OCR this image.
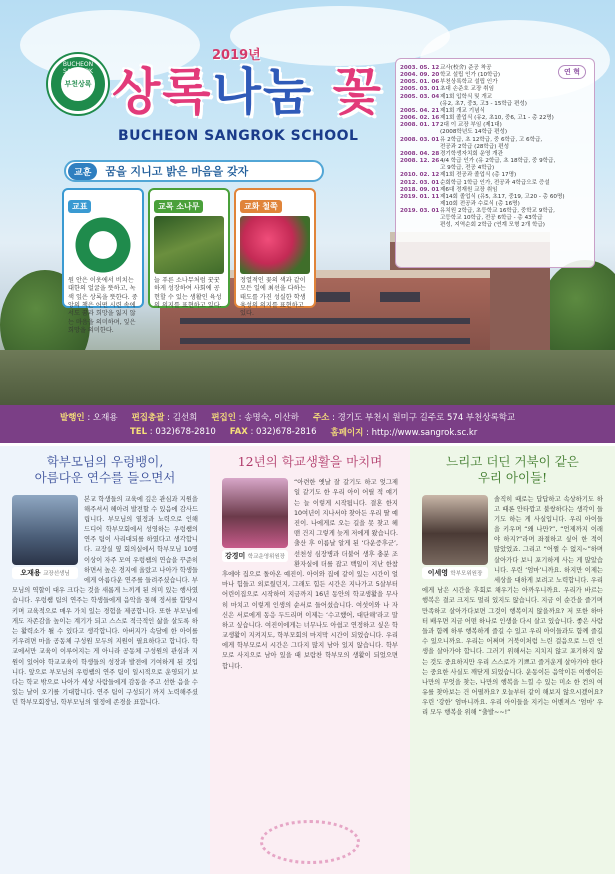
BUCHEON SANGROK SCHOOL
부천상록
2019년
상록나눔 꽃
BUCHEON SANGROK SCHOOL
교훈	꿈을 지니고 밝은 마음을 갖자
교표
원 안은 이웃에서 비치는 대한의 얼굴을 뜻하고, 녹색 잎은 상록을 뜻한다. 중앙의 책은 어떤 시련 속에서도 꿈과 희망을 잃지 않는 마음을 의미하며, 잎은 희망을 의미한다.
교목 소나무
늘 푸른 소나무처럼 꿋꿋하게 성장하여 사회에 공헌할 수 있는 생활인 육성의 의지를 표현하고 있다.
교화 철쭉
정열적인 꽃의 색과 같이 모든 일에 최선을 다하는 태도를 가진 성실한 학생 육성의 의지를 표현하고 있다.
연 혁
2003. 05. 12 교사(校舍) 준공 착공
2004. 09. 20 학교 설립 인가 (10학급)
2005. 01. 06 부천상록학교 설립 인가
2005. 03. 01 초대 손준호 교장 취임
2005. 03. 04 제1회 입학식 및 개교
(유2, 초7, 중3, 고3 - 15학급 편성)
2005. 04. 21 제1회 개교 기념식
2006. 02. 16 제1회 졸업식 (유2, 초10, 중6, 고1 - 총 22명)
2008. 01. 17 2대 이 교장 부임 (제1대)
(2008학년도 14학급 편성)
2008. 03. 01 유 2학급, 초 12학급, 중 6학급, 고 6학급,
전공과 2학급 (28학급) 편성
2008. 04. 28 경기학생자치회 운영 개관
2008. 12. 26 4/4 학급 인가 (유 2학급, 초 18학급, 중 9학급,
고 9학급, 전공 4학급)
2010. 02. 12 제1회 전공과 졸업식 (총 17명)
2012. 03. 01 순회학급 1학급 인가, 전공과 4학급으로 증설
2018. 09. 01 제6대 정재원 교장 취임
2019. 01. 11 제14회 졸업식 (유5, 초17, 중19, 고20 - 총 60명)
제10회 전공과 수료식 (총 16명)
2019. 03. 01 유치원 2학급, 초등학교 16학급, 중학교 9학급,
고등학교 10학급, 전공 6학급 - 총 43학급
편성, 지역순회 2학급 (연계 모형 2개 학급)
발행인 : 오재용 편집총괄 : 김선희 편집인 : 송명숙, 이산하 주소 : 경기도 부천시 원미구 길주로 574 부천상록학교
TEL : 032)678-2810 FAX : 032)678-2816 홈페이지 : http://www.sangrok.sc.kr
학부모님의 우렁뱅이,
아름다운 연수를 들으면서
오재용 교장선생님
본교 학생들의 교육에 깊은 관심과 지원을 해주셔서 헤아려 발전할 수 있음에 감사드립니다. 부모님의 열정과 노력으로 인해 드디어 학부모회에서 성영하는 우렁쌤의 연주 팀이 사리대되를 하였다고 생각합니다. 교장실 옆 회의실에서 학부모님 10명 이상이 자주 모여 우렁쌤의 연습을 꾸준히 하면서 높은 경지에 올랐고 나아가 학생들에게 아름다운 연주를 들려주셨습니다. 부모님의 역할이 대우 크다는 것을 새롭게 느끼게 된 의미 있는 행사였습니다. 우렁쌤 팀의 연주는 학생들에게 음악을 통해 정서를 함양시키며 교육적으로 매우 가치 있는 경험을 제공합니다. 또한 부모님에게도 자존감을 높이는 계기가 되고 스스로 적극적인 삶을 살도록 하는 활력소가 될 수 있다고 생각합니다. 아버지가 속담에 한 아이를 키우려면 마을 공동체 구성원 모두의 지원이 필요하다고 합니다. 학교에서만 교육이 이루어지는 게 아니라 공동체 구성원의 관심과 지원이 있어야 학교교육이 학생들의 성장과 발전에 기여하게 된 것입니다. 앞으로 부모님의 우렁쌤의 연주 팀이 일시적으로 운영되기 보다는 학교 밖으로 나아가 세상 사람들에게 감동을 주고 선한 음을 수 있는 날이 오기를 기대합니다. 연주 팀이 구성되기 까지 노력해주셨던 학부모회장님, 학부모님의 열정에 존경을 표합니다.
12년의 학교생활을 마치며
강경미 학교운영위원장
“아련한 옛날 잘 갈기도 하고 엊그제 일 같기도 한 우리 아이 어릴 적 얘기는 늘 이렇게 시작됩니다. 결혼 한지 10여년이 지나서야 찾아든 우리 딸 예진이. 나에게로 오는 길을 못 찾고 헤맨 건지 그렇게 늦게 저에게 왔습니다. 출산 후 이름날 알게 된 ‘다운증후군’, 선천성 심장병과 더불어 생후 충분 조환자실에 더를 잡고 백일이 지난 한참 후에야 집으로 돌아온 예진이. 아이와 집에 같이 있는 시간이 얼마나 힘들고 외로웠던지, 그래도 힘든 시간은 지나가고 5살부터 어린이집으로 시작하여 지금까지 16년 동안의 학교생활을 무사히 마치고 이렇게 인생의 순서로 들어섰습니다. 여섯이와 나 자신은 서로에게 동응 두드리며 이제는 ‘수고했어, 대단해’라고 말하고 싶습니다. 여진이에게는 너무나도 아쉽고 연정하고 싶은 학교생활이 지켜지도, 학부모회의 마지막 시간이 되었습니다. 우리에게 학부모로서 시간은 그다지 많지 남아 있지 않습니다. 학부모로 사지으로 남아 있을 때 보람찬 학부모의 생활이 되었으면 합니다.
느리고 더딘 거북이 같은
우리 아이들!
이세영 학부모위원장
솔직히 때로는 답답하고 속상하기도 하고 때론 안타깝고 불쌍하다는 생각이 들기도 하는 게 사실입니다. 우리 아이들을 키우며 “왜 나만?”, “언제까지 이래야 하지?”라며 좌절하고 싶어 한 적이 많았었죠. 그리고 “어쩔 수 없지~”하며 살아가다 보니 포기하게 사는 게 많았습니다. 우린 ‘엄마’니까요. 하지만 이제는 세상을 대하게 보려고 노력합니다. 우리에게 남은 시간을 후회로 채우기는 아까우니까요. 우리가 바르는 행복은 결코 크지도 멀리 있지도 않습니다. 지금 이 순간을 즐기며 만족하고 살아가다보면 그것이 행복이지 않을까요? 저 또한 하마터 배우면 지금 어떤 하나로 인생을 다시 살고 있습니다. 좋은 사람들과 함께 하루 행복하게 즐길 수 있고 우리 아이들과도 함께 즐길 수 있으니까요. 우리는 어쩌며 거북이처럼 느린 걸음으로 느린 인생을 살아가야 합니다. 그러기 위해서는 지치지 않고 포기하지 않는 것도 중요하지만 우리 스스로가 기쁘고 즐거운게 살아가야 한다는 중요한 사실도 깨닫게 되었습니다. 운동이든 음악이든 여행이든 나만의 무엇을 찾는, 나만의 행복을 느낄 수 있는 미소 한 컨의 여유를 찾아보는 건 어떨까요? 오늘부터 같이 해보지 않으시겠어요? 우린 ‘강한’ 엄마니까요. 우리 아이들을 지키는 어벤져스 ‘엄마’ 우리 모두 행복을 위해 “출발~~!”
